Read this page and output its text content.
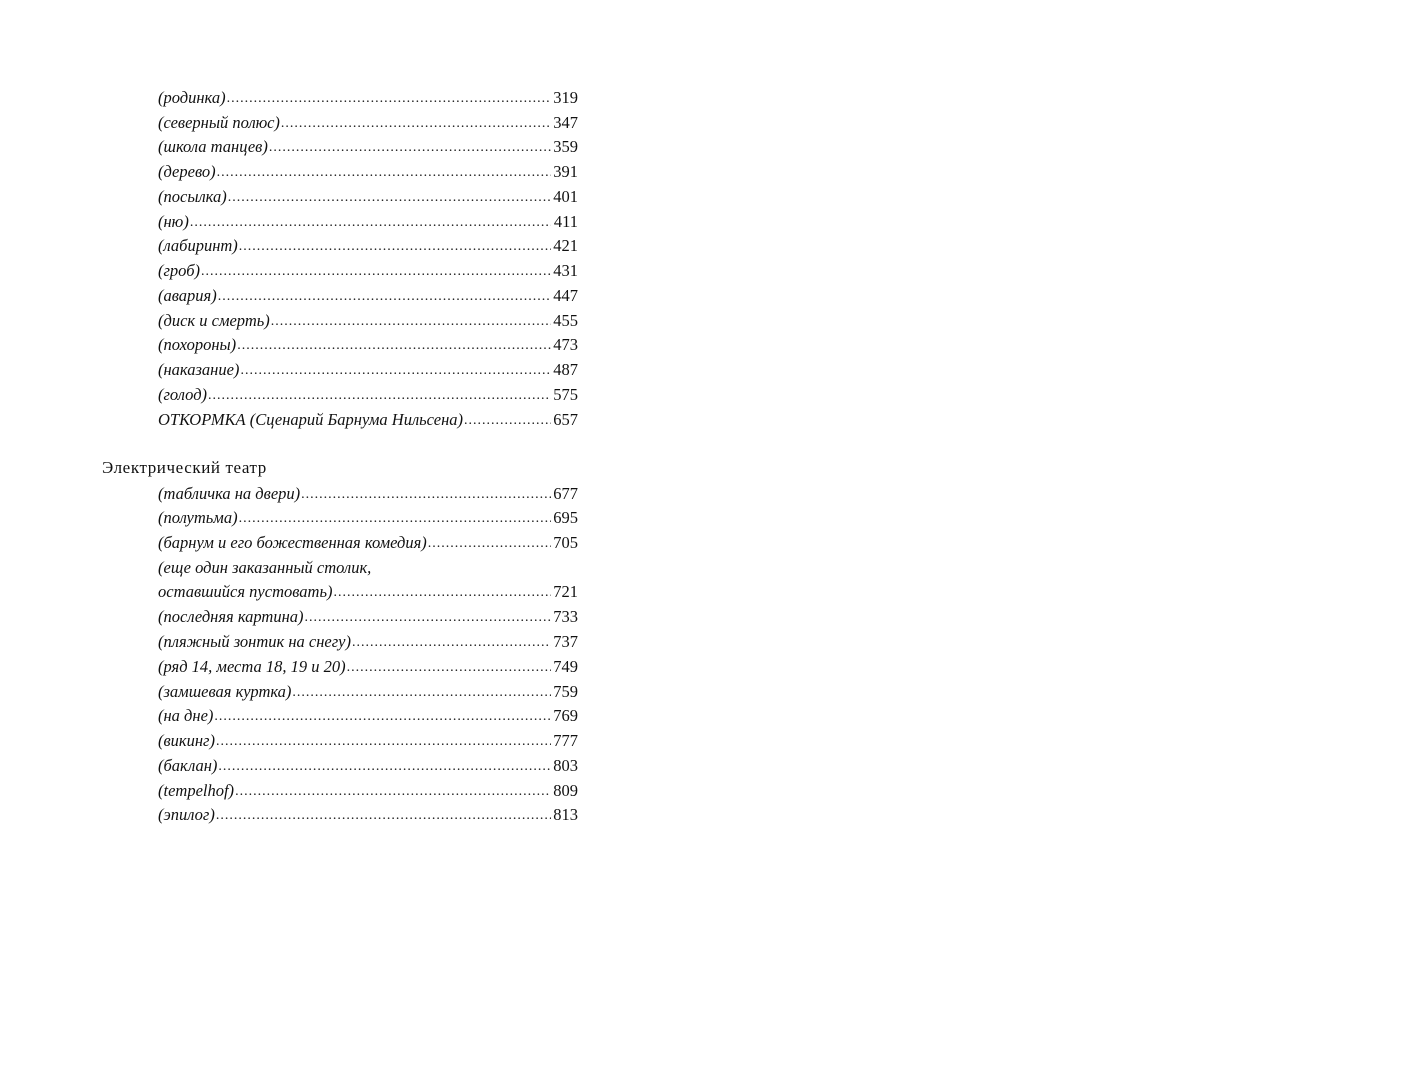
(родинка) .....	319
(северный полюс) .....	347
(школа танцев) .....	359
(дерево) .....	391
(посылка) .....	401
(ню) .....	411
(лабиринт) .....	421
(гроб) .....	431
(авария) .....	447
(диск и смерть) .....	455
(похороны) .....	473
(наказание) .....	487
(голод) .....	575
ОТКОРМКА (Сценарий Барнума Нильсена) .....	657
Электрический театр
(табличка на двери) .....	677
(полутьма) .....	695
(барнум и его божественная комедия) .....	705
(еще один заказанный столик,
оставшийся пустовать) .....	721
(последняя картина) .....	733
(пляжный зонтик на снегу) .....	737
(ряд 14, места 18, 19 и 20) .....	749
(замшевая куртка) .....	759
(на дне) .....	769
(викинг) .....	777
(баклан) .....	803
(tempelhof) .....	809
(эпилог) .....	813
